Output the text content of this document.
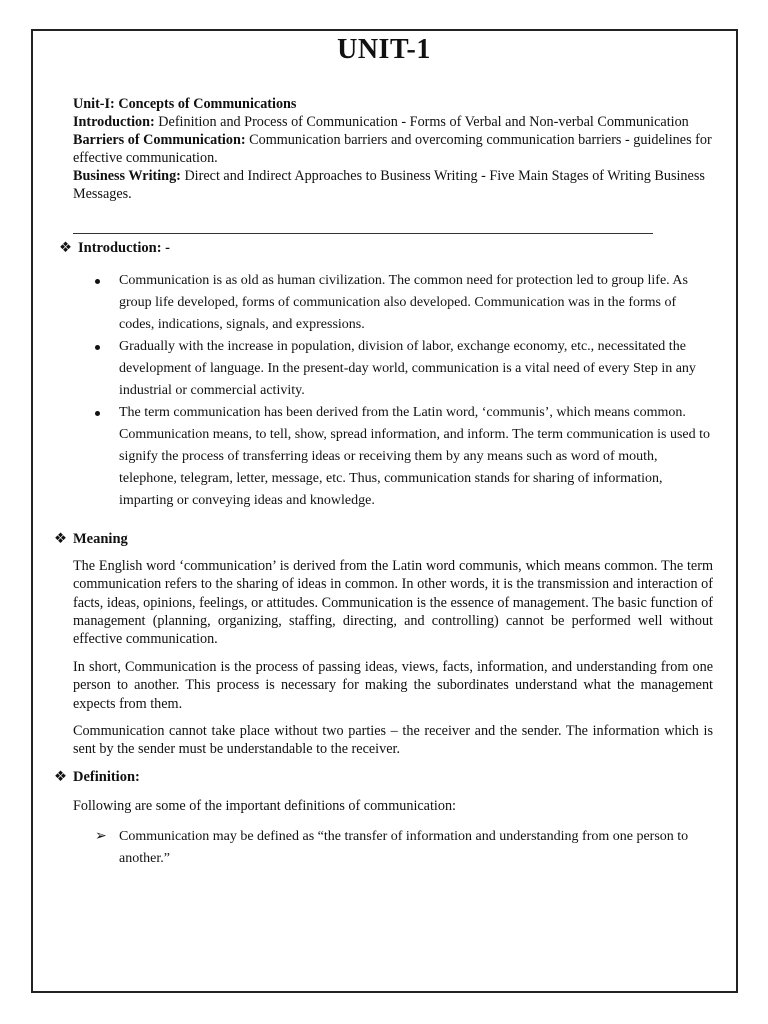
UNIT-1

Unit-I: Concepts of Communications

Introduction: Definition and Process of Communication - Forms of Verbal and Non-verbal Communication

Barriers of Communication: Communication barriers and overcoming communication barriers - guidelines for effective communication.

Business Writing: Direct and Indirect Approaches to Business Writing - Five Main Stages of Writing Business Messages.

❖ Introduction: -
Communication is as old as human civilization. The common need for protection led to group life. As group life developed, forms of communication also developed. Communication was in the forms of codes, indications, signals, and expressions.
Gradually with the increase in population, division of labor, exchange economy, etc., necessitated the development of language. In the present-day world, communication is a vital need of every Step in any industrial or commercial activity.
The term communication has been derived from the Latin word, ‘communis’, which means common. Communication means, to tell, show, spread information, and inform. The term communication is used to signify the process of transferring ideas or receiving them by any means such as word of mouth, telephone, telegram, letter, message, etc. Thus, communication stands for sharing of information, imparting or conveying ideas and knowledge.
❖ Meaning

The English word ‘communication’ is derived from the Latin word communis, which means common. The term communication refers to the sharing of ideas in common. In other words, it is the transmission and interaction of facts, ideas, opinions, feelings, or attitudes. Communication is the essence of management. The basic function of management (planning, organizing, staffing, directing, and controlling) cannot be performed well without effective communication.

In short, Communication is the process of passing ideas, views, facts, information, and understanding from one person to another. This process is necessary for making the subordinates understand what the management expects from them.

Communication cannot take place without two parties – the receiver and the sender. The information which is sent by the sender must be understandable to the receiver.

❖ Definition:

Following are some of the important definitions of communication:

➢ Communication may be defined as “the transfer of information and understanding from one person to another.”
